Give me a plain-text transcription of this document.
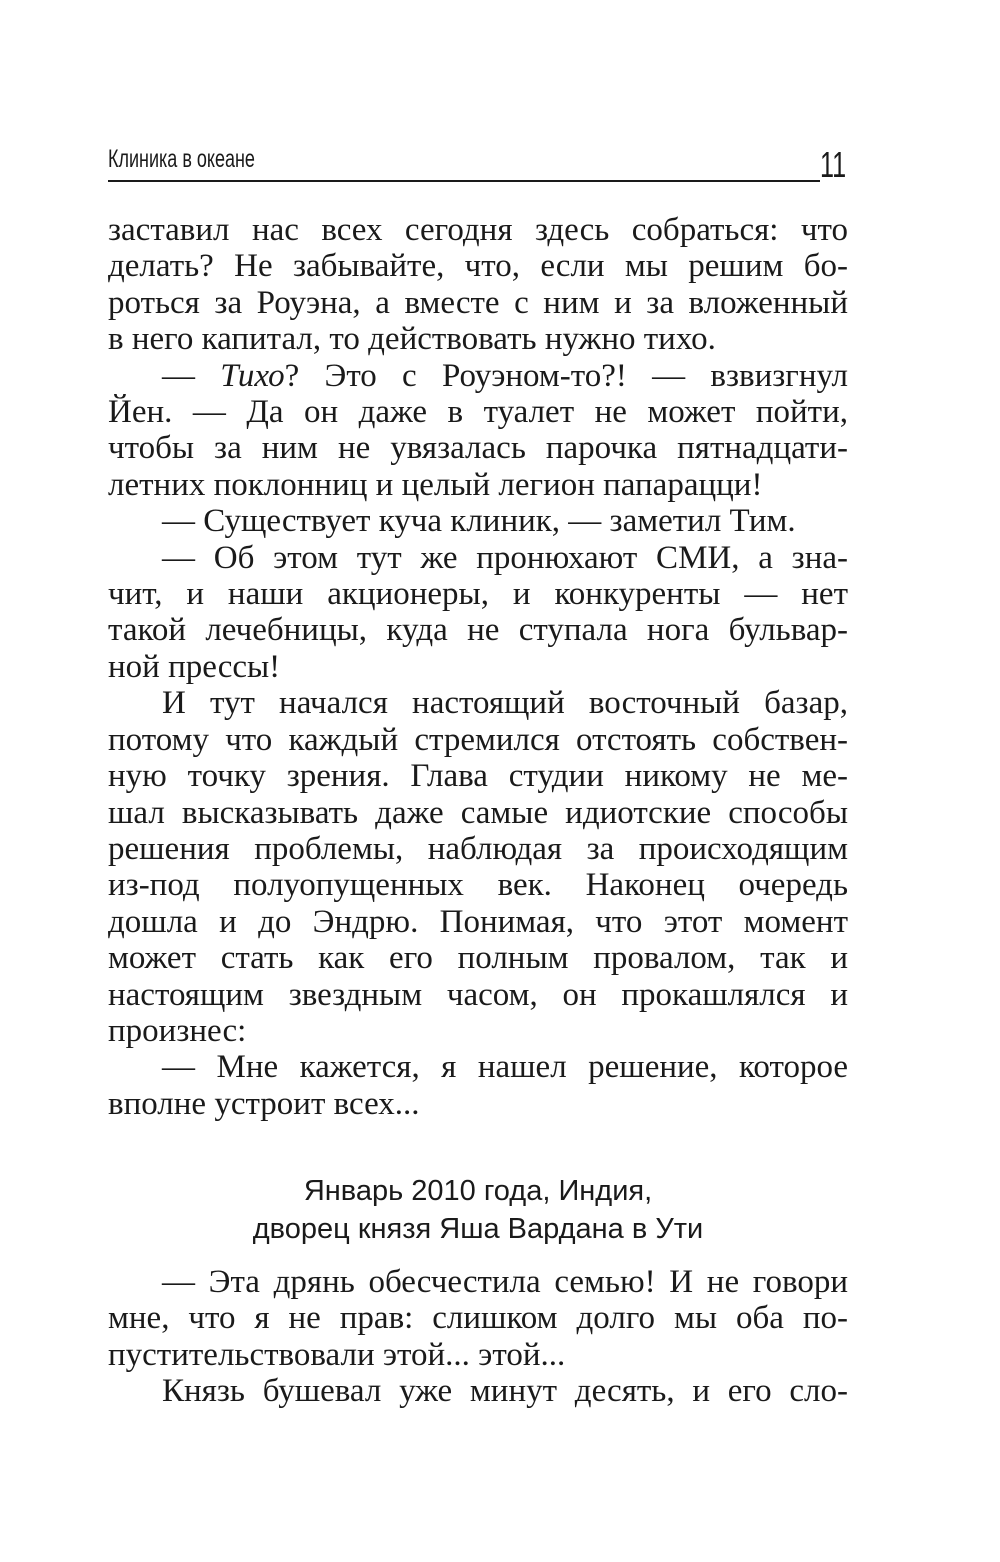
Клиника в океане	11
заставил нас всех сегодня здесь собраться: что
делать? Не забывайте, что, если мы решим бо-
роться за Роуэна, а вместе с ним и за вложенный
в него капитал, то действовать нужно тихо.
— Тихо? Это с Роуэном-то?! — взвизгнул
Йен. — Да он даже в туалет не может пойти,
чтобы за ним не увязалась парочка пятнадцати-
летних поклонниц и целый легион папарацци!
— Существует куча клиник, — заметил Тим.
— Об этом тут же пронюхают СМИ, а зна-
чит, и наши акционеры, и конкуренты — нет
такой лечебницы, куда не ступала нога бульвар-
ной прессы!
И тут начался настоящий восточный базар,
потому что каждый стремился отстоять собствен-
ную точку зрения. Глава студии никому не ме-
шал высказывать даже самые идиотские способы
решения проблемы, наблюдая за происходящим
из-под полуопущенных век. Наконец очередь
дошла и до Эндрю. Понимая, что этот момент
может стать как его полным провалом, так и
настоящим звездным часом, он прокашлялся и
произнес:
— Мне кажется, я нашел решение, которое
вполне устроит всех...
Январь 2010 года, Индия,
дворец князя Яша Вардана в Ути
— Эта дрянь обесчестила семью! И не говори
мне, что я не прав: слишком долго мы оба по-
пустительствовали этой... этой...
Князь бушевал уже минут десять, и его сло-
